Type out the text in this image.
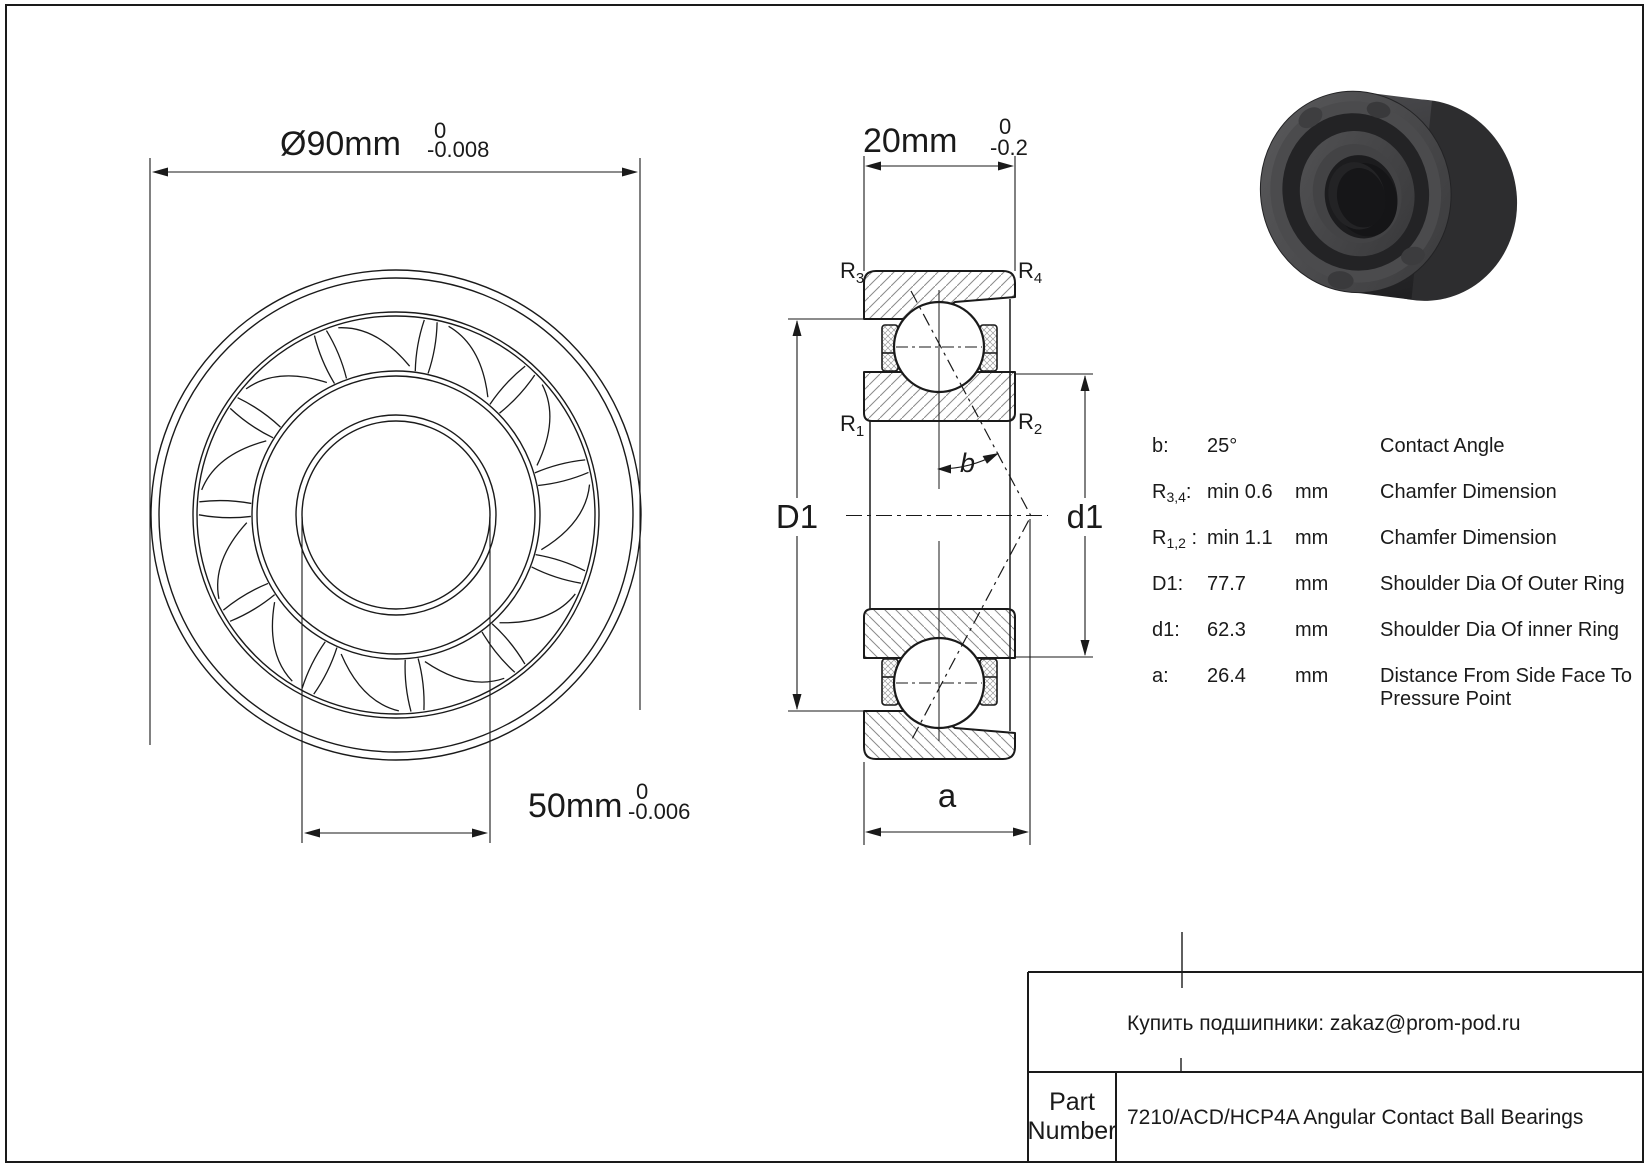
Ø90mm 0
-0.008
50mm 0
-0.006
20mm 0
-0.2
D1	d1
a
b
$R_3$	$R_4$
$R_1$	$R_2$
b: 25°	Contact Angle
$R_{3,4}$: min 0.6 mm	Chamfer Dimension
$R_{1,2}$ : min 1.1 mm	Chamfer Dimension
D1: 77.7 mm	Shoulder Dia Of Outer Ring
d1: 62.3 mm	Shoulder Dia Of inner Ring
a: 26.4 mm	Distance From Side Face To
Pressure Point
Купить подшипники: zakaz@prom-pod.ru
Part
Number 7210/ACD/HCP4A Angular Contact Ball Bearings
